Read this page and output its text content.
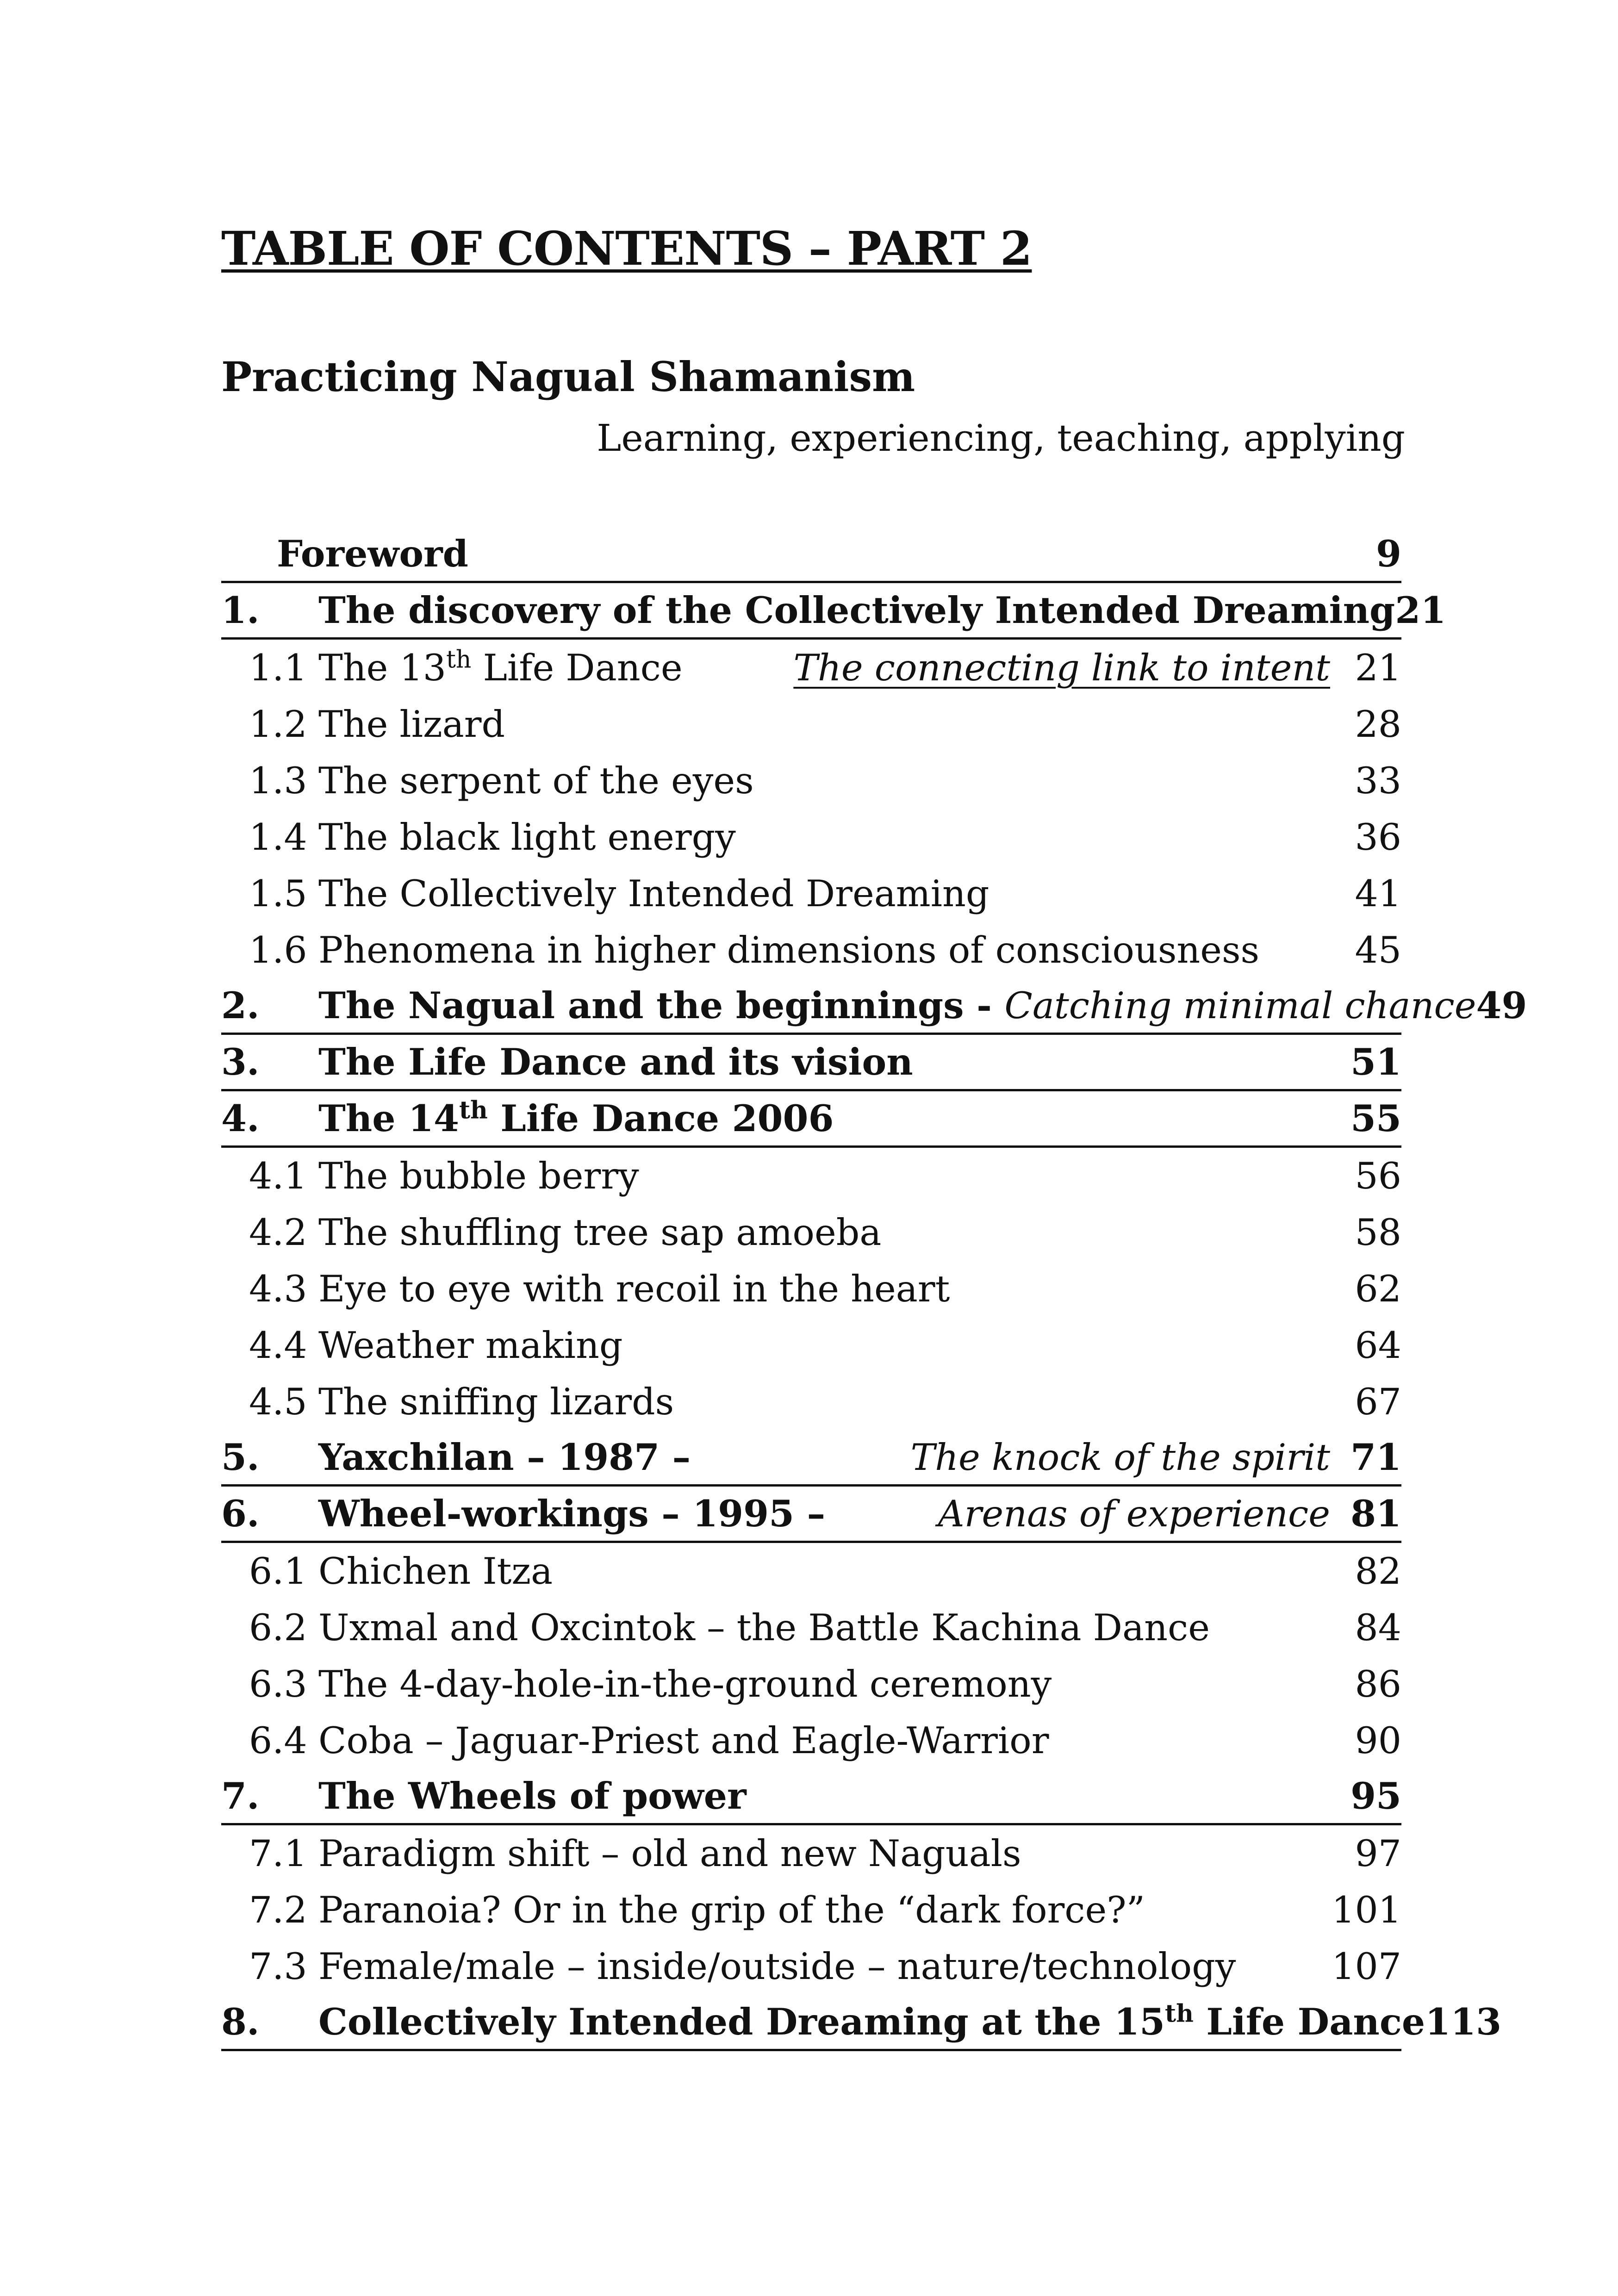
TABLE OF CONTENTS – PART 2
Practicing Nagual Shamanism
Learning, experiencing, teaching, applying
Foreword	9
1.	The discovery of the Collectively Intended Dreaming 21
1.1 The 13th Life Dance	The connecting link to intent 21
1.2 The lizard	28
1.3 The serpent of the eyes	33
1.4 The black light energy	36
1.5 The Collectively Intended Dreaming	41
1.6 Phenomena in higher dimensions of consciousness	45
2.	The Nagual and the beginnings - Catching minimal chance 49
3.	The Life Dance and its vision	51
4.	The 14th Life Dance 2006	55
4.1 The bubble berry	56
4.2 The shuffling tree sap amoeba	58
4.3 Eye to eye with recoil in the heart	62
4.4 Weather making	64
4.5 The sniffing lizards	67
5.	Yaxchilan – 1987 –	The knock of the spirit 71
6.	Wheel-workings – 1995 –	Arenas of experience 81
6.1 Chichen Itza	82
6.2 Uxmal and Oxcintok – the Battle Kachina Dance	84
6.3 The 4-day-hole-in-the-ground ceremony	86
6.4 Coba – Jaguar-Priest and Eagle-Warrior	90
7.	The Wheels of power	95
7.1 Paradigm shift – old and new Naguals	97
7.2 Paranoia? Or in the grip of the “dark force?”	101
7.3 Female/male – inside/outside – nature/technology	107
8.	Collectively Intended Dreaming at the 15th Life Dance 113
